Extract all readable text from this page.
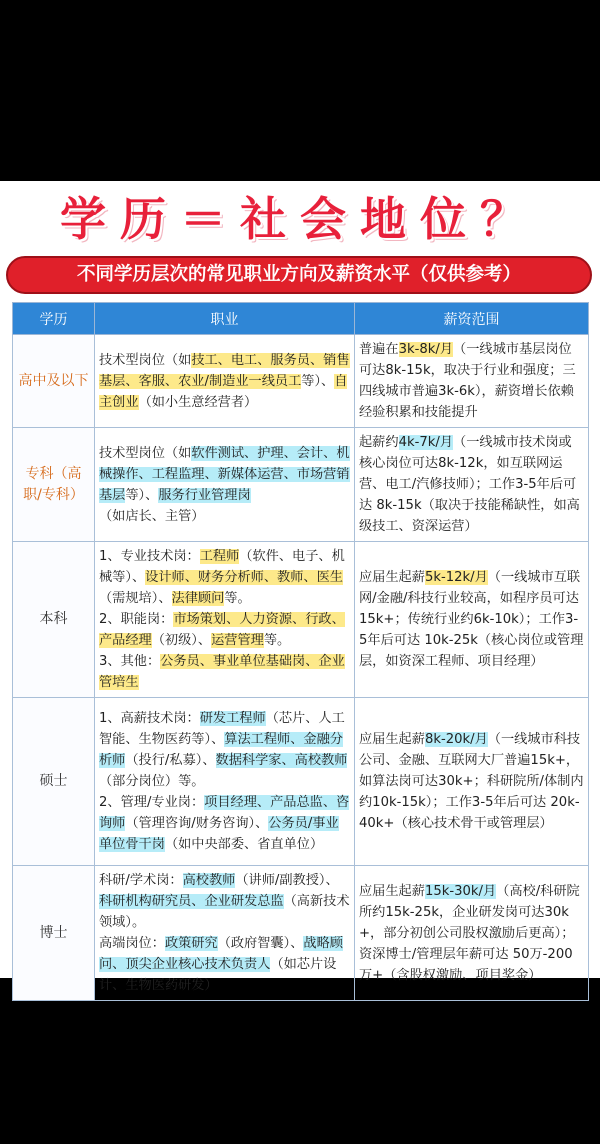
学历＝社会地位？
不同学历层次的常见职业方向及薪资水平（仅供参考）
学历	职业	薪资范围
高中及以下	技术型岗位（如技工、电工、服务员、销售基层、客服、农业/制造业一线员工等）、自主创业（如小生意经营者）	普遍在3k-8k/月（一线城市基层岗位可达8k-15k，取决于行业和强度；三四线城市普遍3k-6k），薪资增长依赖经验积累和技能提升
专科（高职/专科）	技术型岗位（如软件测试、护理、会计、机械操作、工程监理、新媒体运营、市场营销基层等）、服务行业管理岗（如店长、主管）	起薪约4k-7k/月（一线城市技术岗或核心岗位可达8k-12k，如互联网运营、电工/汽修技师）；工作3-5年后可达 8k-15k（取决于技能稀缺性，如高级技工、资深运营）
本科	1、专业技术岗：工程师（软件、电子、机械等）、设计师、财务分析师、教师、医生（需规培）、法律顾问等。
2、职能岗：市场策划、人力资源、行政、产品经理（初级）、运营管理等。
3、其他：公务员、事业单位基础岗、企业管培生	应届生起薪5k-12k/月（一线城市互联网/金融/科技行业较高，如程序员可达15k+；传统行业约6k-10k）；工作3-5年后可达 10k-25k（核心岗位或管理层，如资深工程师、项目经理）
硕士	1、高薪技术岗：研发工程师（芯片、人工智能、生物医药等）、算法工程师、金融分析师（投行/私募）、数据科学家、高校教师（部分岗位）等。
2、管理/专业岗：项目经理、产品总监、咨询师（管理咨询/财务咨询）、公务员/事业单位骨干岗（如中央部委、省直单位）	应届生起薪8k-20k/月（一线城市科技公司、金融、互联网大厂普遍15k+，如算法岗可达30k+；科研院所/体制内约10k-15k）；工作3-5年后可达 20k-40k+（核心技术骨干或管理层）
博士	科研/学术岗：高校教师（讲师/副教授）、科研机构研究员、企业研发总监（高新技术领域）。
高端岗位：政策研究（政府智囊）、战略顾问、顶尖企业核心技术负责人（如芯片设计、生物医药研发）	应届生起薪15k-30k/月（高校/科研院所约15k-25k，企业研发岗可达30k+，部分初创公司股权激励后更高）；资深博士/管理层年薪可达 50万-200万+（含股权激励、项目奖金）
